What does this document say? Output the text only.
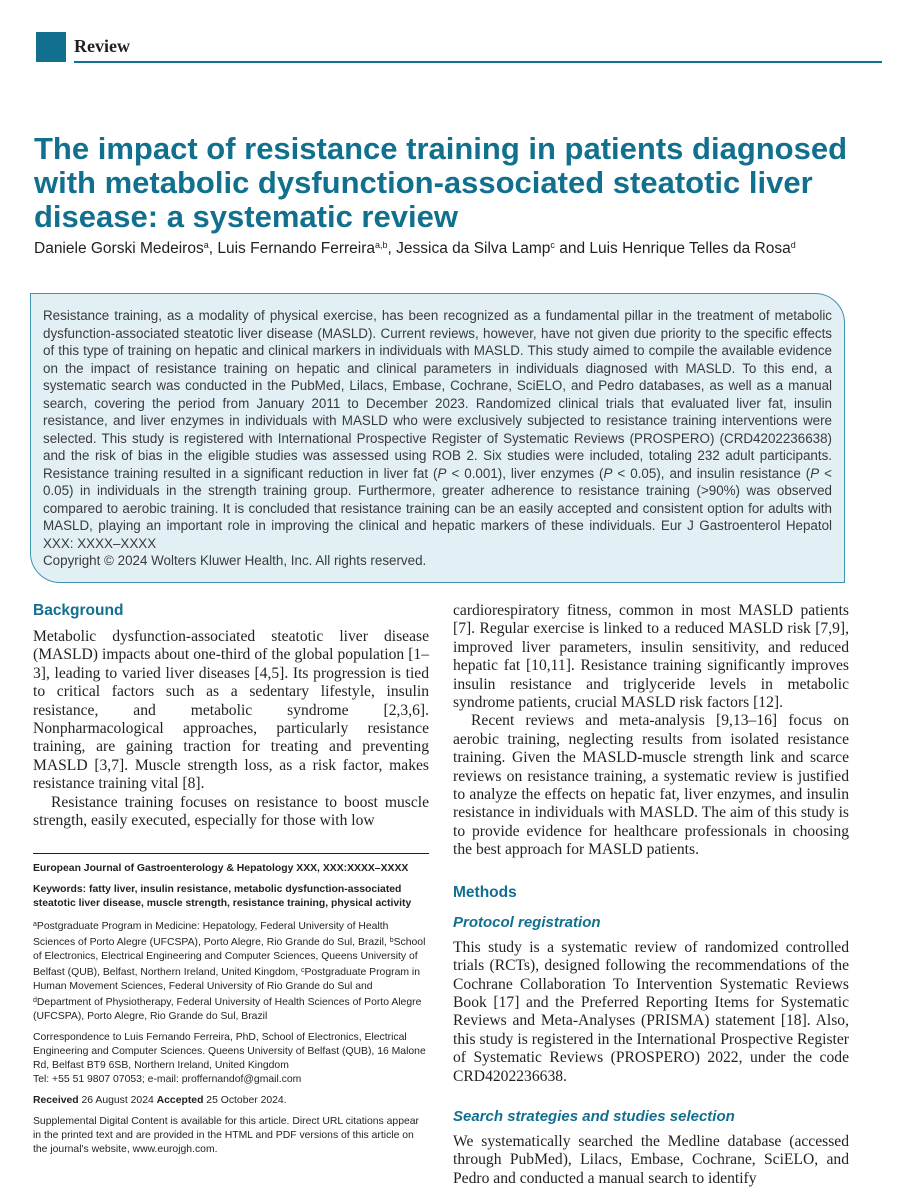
Review
The impact of resistance training in patients diagnosed with metabolic dysfunction-associated steatotic liver disease: a systematic review
Daniele Gorski Medeiros$^a$, Luis Fernando Ferreira$^{a,b}$, Jessica da Silva Lamp$^c$ and Luis Henrique Telles da Rosa$^d$

Resistance training, as a modality of physical exercise, has been recognized as a fundamental pillar in the treatment of metabolic dysfunction-associated steatotic liver disease (MASLD). Current reviews, however, have not given due priority to the specific effects of this type of training on hepatic and clinical markers in individuals with MASLD. This study aimed to compile the available evidence on the impact of resistance training on hepatic and clinical parameters in individuals diagnosed with MASLD. To this end, a systematic search was conducted in the PubMed, Lilacs, Embase, Cochrane, SciELO, and Pedro databases, as well as a manual search, covering the period from January 2011 to December 2023. Randomized clinical trials that evaluated liver fat, insulin resistance, and liver enzymes in individuals with MASLD who were exclusively subjected to resistance training interventions were selected. This study is registered with International Prospective Register of Systematic Reviews (PROSPERO) (CRD4202236638) and the risk of bias in the eligible studies was assessed using ROB 2. Six studies were included, totaling 232 adult participants. Resistance training resulted in a significant reduction in liver fat (P < 0.001), liver enzymes (P < 0.05), and insulin resistance (P < 0.05) in individuals in the strength training group. Furthermore, greater adherence to resistance training (>90%) was observed compared to aerobic training. It is concluded that resistance training can be an easily accepted and consistent option for adults with MASLD, playing an important role in improving the clinical and hepatic markers of these individuals. Eur J Gastroenterol Hepatol XXX: XXXX–XXXX

Copyright © 2024 Wolters Kluwer Health, Inc. All rights reserved.

Background

Metabolic dysfunction-associated steatotic liver disease (MASLD) impacts about one-third of the global population [1–3], leading to varied liver diseases [4,5]. Its progression is tied to critical factors such as a sedentary lifestyle, insulin resistance, and metabolic syndrome [2,3,6]. Nonpharmacological approaches, particularly resistance training, are gaining traction for treating and preventing MASLD [3,7]. Muscle strength loss, as a risk factor, makes resistance training vital [8].

Resistance training focuses on resistance to boost muscle strength, easily executed, especially for those with low

European Journal of Gastroenterology & Hepatology XXX, XXX:XXXX–XXXX

Keywords: fatty liver, insulin resistance, metabolic dysfunction-associated steatotic liver disease, muscle strength, resistance training, physical activity

$^a$Postgraduate Program in Medicine: Hepatology, Federal University of Health Sciences of Porto Alegre (UFCSPA), Porto Alegre, Rio Grande do Sul, Brazil, $^b$School of Electronics, Electrical Engineering and Computer Sciences, Queens University of Belfast (QUB), Belfast, Northern Ireland, United Kingdom, $^c$Postgraduate Program in Human Movement Sciences, Federal University of Rio Grande do Sul and $^d$Department of Physiotherapy, Federal University of Health Sciences of Porto Alegre (UFCSPA), Porto Alegre, Rio Grande do Sul, Brazil

Correspondence to Luis Fernando Ferreira, PhD, School of Electronics, Electrical Engineering and Computer Sciences. Queens University of Belfast (QUB), 16 Malone Rd, Belfast BT9 6SB, Northern Ireland, United Kingdom
Tel: +55 51 9807 07053; e-mail: proffernandof@gmail.com

Received 26 August 2024 Accepted 25 October 2024.

Supplemental Digital Content is available for this article. Direct URL citations appear in the printed text and are provided in the HTML and PDF versions of this article on the journal's website, www.eurojgh.com.

cardiorespiratory fitness, common in most MASLD patients [7]. Regular exercise is linked to a reduced MASLD risk [7,9], improved liver parameters, insulin sensitivity, and reduced hepatic fat [10,11]. Resistance training significantly improves insulin resistance and triglyceride levels in metabolic syndrome patients, crucial MASLD risk factors [12].

Recent reviews and meta-analysis [9,13–16] focus on aerobic training, neglecting results from isolated resistance training. Given the MASLD-muscle strength link and scarce reviews on resistance training, a systematic review is justified to analyze the effects on hepatic fat, liver enzymes, and insulin resistance in individuals with MASLD. The aim of this study is to provide evidence for healthcare professionals in choosing the best approach for MASLD patients.

Methods
Protocol registration

This study is a systematic review of randomized controlled trials (RCTs), designed following the recommendations of the Cochrane Collaboration To Intervention Systematic Reviews Book [17] and the Preferred Reporting Items for Systematic Reviews and Meta-Analyses (PRISMA) statement [18]. Also, this study is registered in the International Prospective Register of Systematic Reviews (PROSPERO) 2022, under the code CRD4202236638.

Search strategies and studies selection

We systematically searched the Medline database (accessed through PubMed), Lilacs, Embase, Cochrane, SciELO, and Pedro and conducted a manual search to identify
